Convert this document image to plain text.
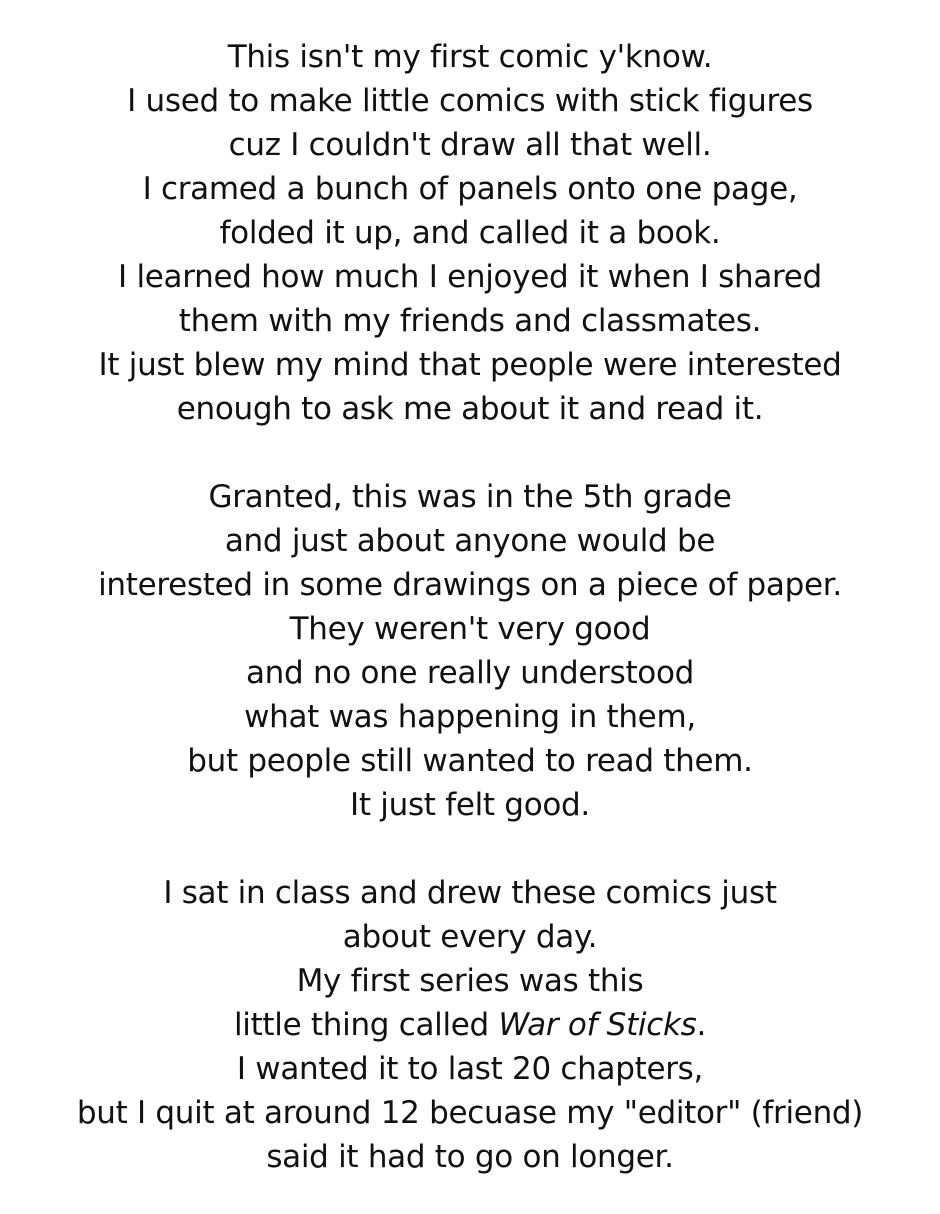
This isn't my first comic y'know.
I used to make little comics with stick figures
cuz I couldn't draw all that well.
I cramed a bunch of panels onto one page,
folded it up, and called it a book.
I learned how much I enjoyed it when I shared
them with my friends and classmates.
It just blew my mind that people were interested
enough to ask me about it and read it.

Granted, this was in the 5th grade
and just about anyone would be
interested in some drawings on a piece of paper.
They weren't very good
and no one really understood
what was happening in them,
but people still wanted to read them.
It just felt good.

I sat in class and drew these comics just
about every day.
My first series was this
little thing called War of Sticks.
I wanted it to last 20 chapters,
but I quit at around 12 becuase my "editor" (friend)
said it had to go on longer.
